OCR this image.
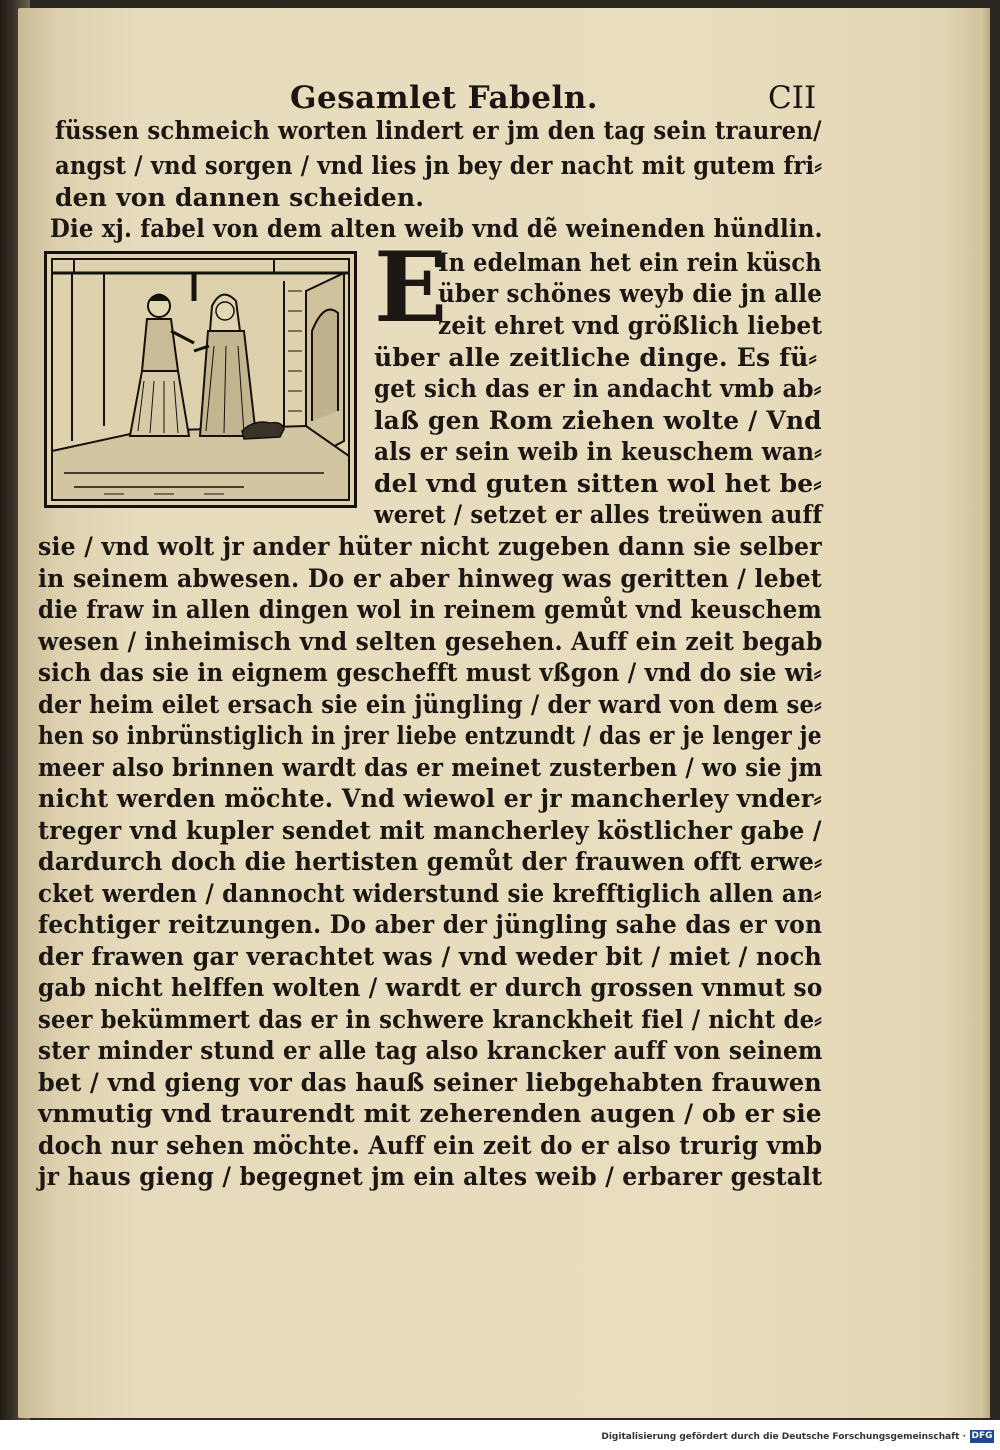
Gesamlet Fabeln.	CII
füssen schmeich worten lindert er jm den tag sein trauren/
angst / vnd sorgen / vnd lies jn bey der nacht mit gutem fri⸗
den von dannen scheiden.
Die xj. fabel von dem alten weib vnd dẽ weinenden hündlin.
E
In edelman het ein rein küsch
über schönes weyb die jn alle
zeit ehret vnd größlich liebet
über alle zeitliche dinge. Es fü⸗
get sich das er in andacht vmb ab⸗
laß gen Rom ziehen wolte / Vnd
als er sein weib in keuschem wan⸗
del vnd guten sitten wol het be⸗
weret / setzet er alles treüwen auff
sie / vnd wolt jr ander hüter nicht zugeben dann sie selber
in seinem abwesen. Do er aber hinweg was geritten / lebet
die fraw in allen dingen wol in reinem gemůt vnd keuschem
wesen / inheimisch vnd selten gesehen. Auff ein zeit begab
sich das sie in eignem geschefft must vßgon / vnd do sie wi⸗
der heim eilet ersach sie ein jüngling / der ward von dem se⸗
hen so inbrünstiglich in jrer liebe entzundt / das er je lenger je
meer also brinnen wardt das er meinet zusterben / wo sie jm
nicht werden möchte. Vnd wiewol er jr mancherley vnder⸗
treger vnd kupler sendet mit mancherley köstlicher gabe /
dardurch doch die hertisten gemůt der frauwen offt erwe⸗
cket werden / dannocht widerstund sie krefftiglich allen an⸗
fechtiger reitzungen. Do aber der jüngling sahe das er von
der frawen gar verachtet was / vnd weder bit / miet / noch
gab nicht helffen wolten / wardt er durch grossen vnmut so
seer bekümmert das er in schwere kranckheit fiel / nicht de⸗
ster minder stund er alle tag also krancker auff von seinem
bet / vnd gieng vor das hauß seiner liebgehabten frauwen
vnmutig vnd traurendt mit zeherenden augen / ob er sie
doch nur sehen möchte. Auff ein zeit do er also trurig vmb
jr haus gieng / begegnet jm ein altes weib / erbarer gestalt
Digitalisierung gefördert durch die Deutsche Forschungsgemeinschaft · DFG
